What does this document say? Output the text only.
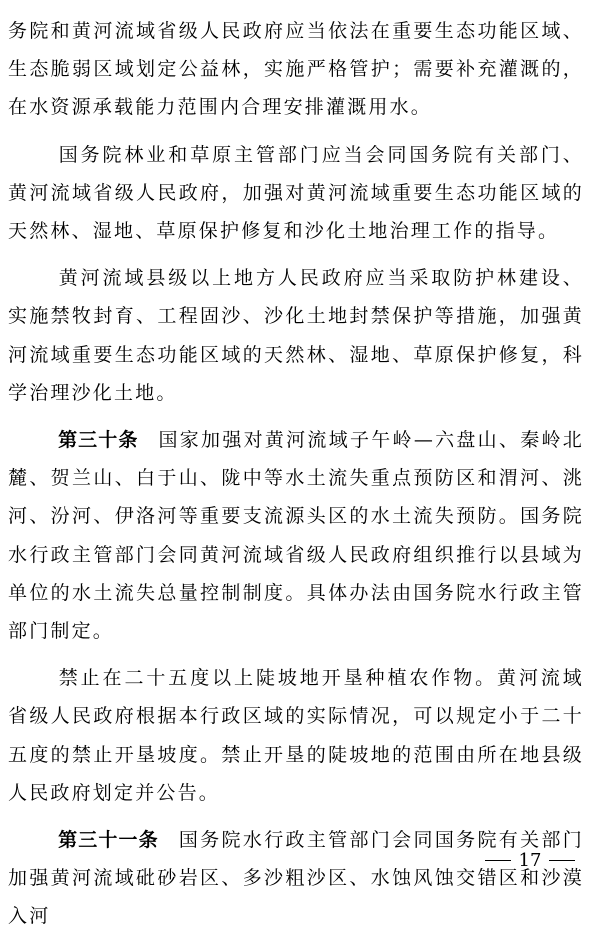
务院和黄河流域省级人民政府应当依法在重要生态功能区域、生态脆弱区域划定公益林，实施严格管护；需要补充灌溉的，在水资源承载能力范围内合理安排灌溉用水。

国务院林业和草原主管部门应当会同国务院有关部门、黄河流域省级人民政府，加强对黄河流域重要生态功能区域的天然林、湿地、草原保护修复和沙化土地治理工作的指导。

黄河流域县级以上地方人民政府应当采取防护林建设、实施禁牧封育、工程固沙、沙化土地封禁保护等措施，加强黄河流域重要生态功能区域的天然林、湿地、草原保护修复，科学治理沙化土地。

第三十条 国家加强对黄河流域子午岭—六盘山、秦岭北麓、贺兰山、白于山、陇中等水土流失重点预防区和渭河、洮河、汾河、伊洛河等重要支流源头区的水土流失预防。国务院水行政主管部门会同黄河流域省级人民政府组织推行以县域为单位的水土流失总量控制制度。具体办法由国务院水行政主管部门制定。

禁止在二十五度以上陡坡地开垦种植农作物。黄河流域省级人民政府根据本行政区域的实际情况，可以规定小于二十五度的禁止开垦坡度。禁止开垦的陡坡地的范围由所在地县级人民政府划定并公告。

第三十一条 国务院水行政主管部门会同国务院有关部门加强黄河流域砒砂岩区、多沙粗沙区、水蚀风蚀交错区和沙漠入河

17
